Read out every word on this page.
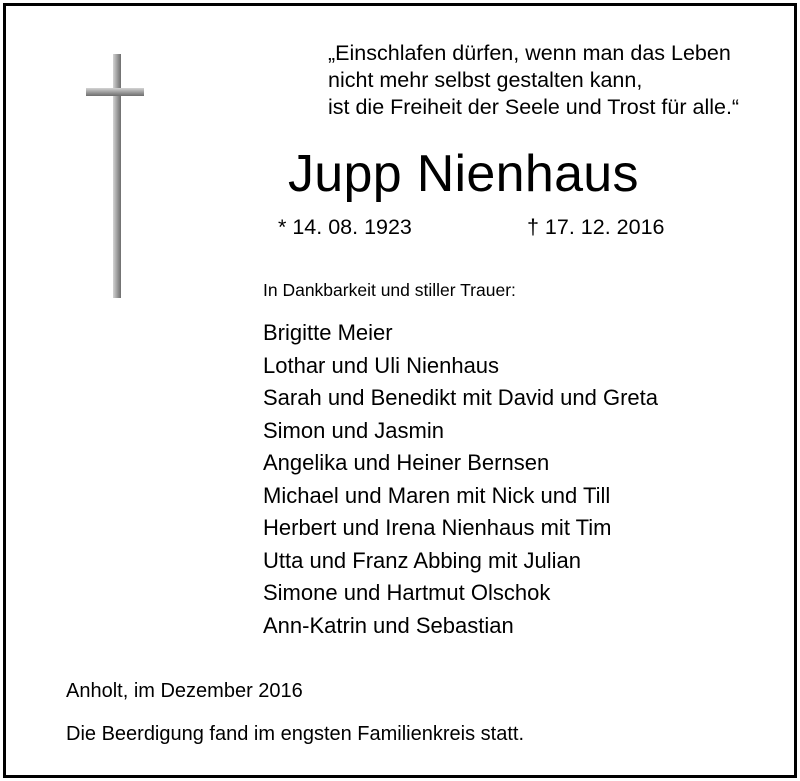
„Einschlafen dürfen, wenn man das Leben
nicht mehr selbst gestalten kann,
ist die Freiheit der Seele und Trost für alle.“
Jupp Nienhaus
* 14. 08. 1923	† 17. 12. 2016
In Dankbarkeit und stiller Trauer:
Brigitte Meier
Lothar und Uli Nienhaus
Sarah und Benedikt mit David und Greta
Simon und Jasmin
Angelika und Heiner Bernsen
Michael und Maren mit Nick und Till
Herbert und Irena Nienhaus mit Tim
Utta und Franz Abbing mit Julian
Simone und Hartmut Olschok
Ann-Katrin und Sebastian
Anholt, im Dezember 2016
Die Beerdigung fand im engsten Familienkreis statt.
